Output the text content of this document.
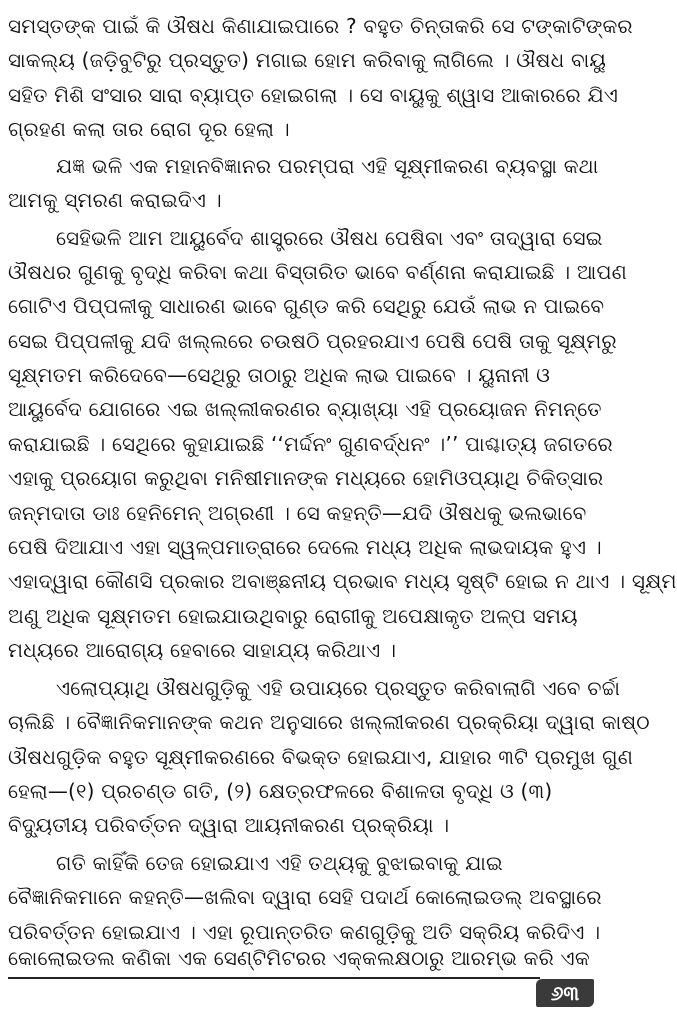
ସମସ୍ତଙ୍କ ପାଇଁ କି ଔଷଧ କିଣାଯାଇପାରେ ? ବହୁତ ଚିନ୍ତାକରି ସେ ଟଙ୍କାଟିଙ୍କର
ସାକଲ୍ୟ (ଜଡ଼ିବୁଟିରୁ ପ୍ରସ୍ତୁତ) ମଗାଇ ହୋମ କରିବାକୁ ଲାଗିଲେ । ଔଷଧ ବାୟୁ
ସହିତ ମିଶି ସଂସାର ସାରା ବ୍ୟାପ୍ତ ହୋଇଗଲା । ସେ ବାୟୁକୁ ଶ୍ୱାସ ଆକାରରେ ଯିଏ
ଗ୍ରହଣ କଲା ତାର ରୋଗ ଦୂର ହେଲା ।
ଯଜ୍ଞ ଭଳି ଏକ ମହାନବିଜ୍ଞାନର ପରମ୍ପରା ଏହି ସୂକ୍ଷ୍ମୀକରଣ ବ୍ୟବସ୍ଥା କଥା
ଆମକୁ ସ୍ମରଣ କରାଇଦିଏ ।
ସେହିଭଳି ଆମ ଆୟୁର୍ବେଦ ଶାସ୍ତ୍ରରେ ଔଷଧ ପେଷିବା ଏବଂ ତାଦ୍ୱାରା ସେଇ
ଔଷଧର ଗୁଣକୁ ବୃଦ୍ଧି କରିବା କଥା ବିସ୍ତାରିତ ଭାବେ ବର୍ଣ୍ଣନା କରାଯାଇଛି । ଆପଣ
ଗୋଟିଏ ପିପ୍ପଳୀକୁ ସାଧାରଣ ଭାବେ ଗୁଣ୍ଡ କରି ସେଥିରୁ ଯେଉଁ ଲାଭ ନ ପାଇବେ
ସେଇ ପିପ୍ପଳୀକୁ ଯଦି ଖଲ୍ଲରେ ଚଉଷଠି ପ୍ରହରଯାଏ ପେଷି ପେଷି ତାକୁ ସୂକ୍ଷ୍ମରୁ
ସୂକ୍ଷ୍ମତମ କରିଦେବେ—ସେଥିରୁ ତାଠାରୁ ଅଧିକ ଲାଭ ପାଇବେ । ୟୁନାନୀ ଓ
ଆୟୁର୍ବେଦ ଯୋଗରେ ଏଇ ଖଲ୍ଲୀକରଣର ବ୍ୟାଖ୍ୟା ଏହି ପ୍ରୟୋଜନ ନିମନ୍ତେ
କରାଯାଇଛି । ସେଥିରେ କୁହାଯାଇଛି ‘‘ମର୍ଦ୍ଦନଂ ଗୁଣବର୍ଦ୍ଧନଂ ।’’ ପାଶ୍ଚାତ୍ୟ ଜଗତରେ
ଏହାକୁ ପ୍ରୟୋଗ କରୁଥିବା ମନିଷୀମାନଙ୍କ ମଧ୍ୟରେ ହୋମିଓପ୍ୟାଥି ଚିକିତ୍ସାର
ଜନ୍ମଦାତା ଡାଃ ହେନିମେନ୍ ଅଗ୍ରଣୀ । ସେ କହନ୍ତି—ଯଦି ଔଷଧକୁ ଭଲଭାବେ
ପେଷି ଦିଆଯାଏ ଏହା ସ୍ୱଳ୍ପମାତ୍ରାରେ ଦେଲେ ମଧ୍ୟ ଅଧିକ ଲାଭଦାୟକ ହୁଏ ।
ଏହାଦ୍ୱାରା କୌଣସି ପ୍ରକାର ଅବାଞ୍ଛନୀୟ ପ୍ରଭାବ ମଧ୍ୟ ସୃଷ୍ଟି ହୋଇ ନ ଥାଏ । ସୂକ୍ଷ୍ମ
ଅଣୁ ଅଧିକ ସୂକ୍ଷ୍ମତମ ହୋଇଯାଉଥିବାରୁ ରୋଗୀକୁ ଅପେକ୍ଷାକୃତ ଅଳ୍ପ ସମୟ
ମଧ୍ୟରେ ଆରୋଗ୍ୟ ହେବାରେ ସାହାଯ୍ୟ କରିଥାଏ ।
ଏଲୋପ୍ୟାଥି ଔଷଧଗୁଡ଼ିକୁ ଏହି ଉପାୟରେ ପ୍ରସ୍ତୁତ କରିବାଲାଗି ଏବେ ଚର୍ଚ୍ଚା
ଚାଲିଛି । ବୈଜ୍ଞାନିକମାନଙ୍କ କଥନ ଅନୁସାରେ ଖଲ୍ଲୀକରଣ ପ୍ରକ୍ରିୟା ଦ୍ୱାରା କାଷ୍ଠ
ଔଷଧଗୁଡ଼ିକ ବହୁତ ସୂକ୍ଷ୍ମୀକରଣରେ ବିଭକ୍ତ ହୋଇଯାଏ, ଯାହାର ୩ଟି ପ୍ରମୁଖ ଗୁଣ
ହେଲା—(୧) ପ୍ରଚଣ୍ଡ ଗତି, (୨) କ୍ଷେତ୍ରଫଳରେ ବିଶାଳତା ବୃଦ୍ଧି ଓ (୩)
ବିଦ୍ୟୁତୀୟ ପରିବର୍ତ୍ତନ ଦ୍ୱାରା ଆୟନୀକରଣ ପ୍ରକ୍ରିୟା ।
ଗତି କାହିଁକି ତେଜ ହୋଇଯାଏ ଏହି ତଥ୍ୟକୁ ବୁଝାଇବାକୁ ଯାଇ
ବୈଜ୍ଞାନିକମାନେ କହନ୍ତି—ଖଲିବା ଦ୍ୱାରା ସେହି ପଦାର୍ଥ କୋଲୋଇଡଲ୍ ଅବସ୍ଥାରେ
ପରିବର୍ତ୍ତନ ହୋଇଯାଏ । ଏହା ରୂପାନ୍ତରିତ କଣଗୁଡ଼ିକୁ ଅତି ସକ୍ରିୟ କରିଦିଏ ।
କୋଲୋଇଡଲ କଣିକା ଏକ ସେଣ୍ଟିମିଟରର ଏକ୍କଲକ୍ଷଠାରୁ ଆରମ୍ଭ କରି ଏକ
୬୩
